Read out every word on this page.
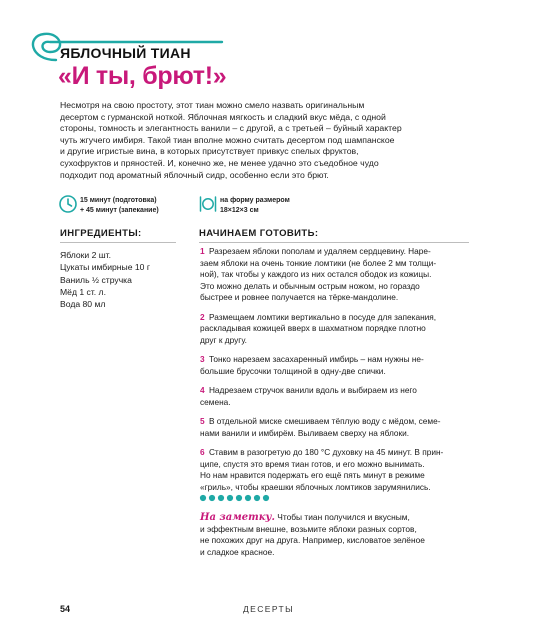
ЯБЛОЧНЫЙ ТИАН
«И ты, брют!»

Несмотря на свою простоту, этот тиан можно смело назвать оригинальным

десертом с гурманской ноткой. Яблочная мягкость и сладкий вкус мёда, с одной

стороны, томность и элегантность ванили – с другой, а с третьей – буйный характер

чуть жгучего имбиря. Такой тиан вполне можно считать десертом под шампанское

и другие игристые вина, в которых присутствует привкус спелых фруктов,

сухофруктов и пряностей. И, конечно же, не менее удачно это съедобное чудо

подходит под ароматный яблочный сидр, особенно если это брют.

15 минут (подготовка)
+ 45 минут (запекание)
на форму размером
18×12×3 см
ИНГРЕДИЕНТЫ:
Яблоки 2 шт.
Цукаты имбирные 10 г
Ваниль ½ стручка
Мёд 1 ст. л.
Вода 80 мл
НАЧИНАЕМ ГОТОВИТЬ:

1 Разрезаем яблоки пополам и удаляем сердцевину. Наре-
заем яблоки на очень тонкие ломтики (не более 2 мм толщи-
ной), так чтобы у каждого из них остался ободок из кожицы.
Это можно делать и обычным острым ножом, но гораздо
быстрее и ровнее получается на тёрке-мандолине.

2 Размещаем ломтики вертикально в посуде для запекания,
раскладывая кожицей вверх в шахматном порядке плотно
друг к другу.

3 Тонко нарезаем засахаренный имбирь – нам нужны не-
большие брусочки толщиной в одну-две спички.

4 Надрезаем стручок ванили вдоль и выбираем из него
семена.

5 В отдельной миске смешиваем тёплую воду с мёдом, семе-
нами ванили и имбирём. Выливаем сверху на яблоки.

6 Ставим в разогретую до 180 °С духовку на 45 минут. В прин-
ципе, спустя это время тиан готов, и его можно вынимать.
Но нам нравится подержать его ещё пять минут в режиме
«гриль», чтобы краешки яблочных ломтиков зарумянились.

На заметку. Чтобы тиан получился и вкусным,
и эффектным внешне, возьмите яблоки разных сортов,
не похожих друг на друга. Например, кисловатое зелёное
и сладкое красное.

54	ДЕСЕРТЫ
